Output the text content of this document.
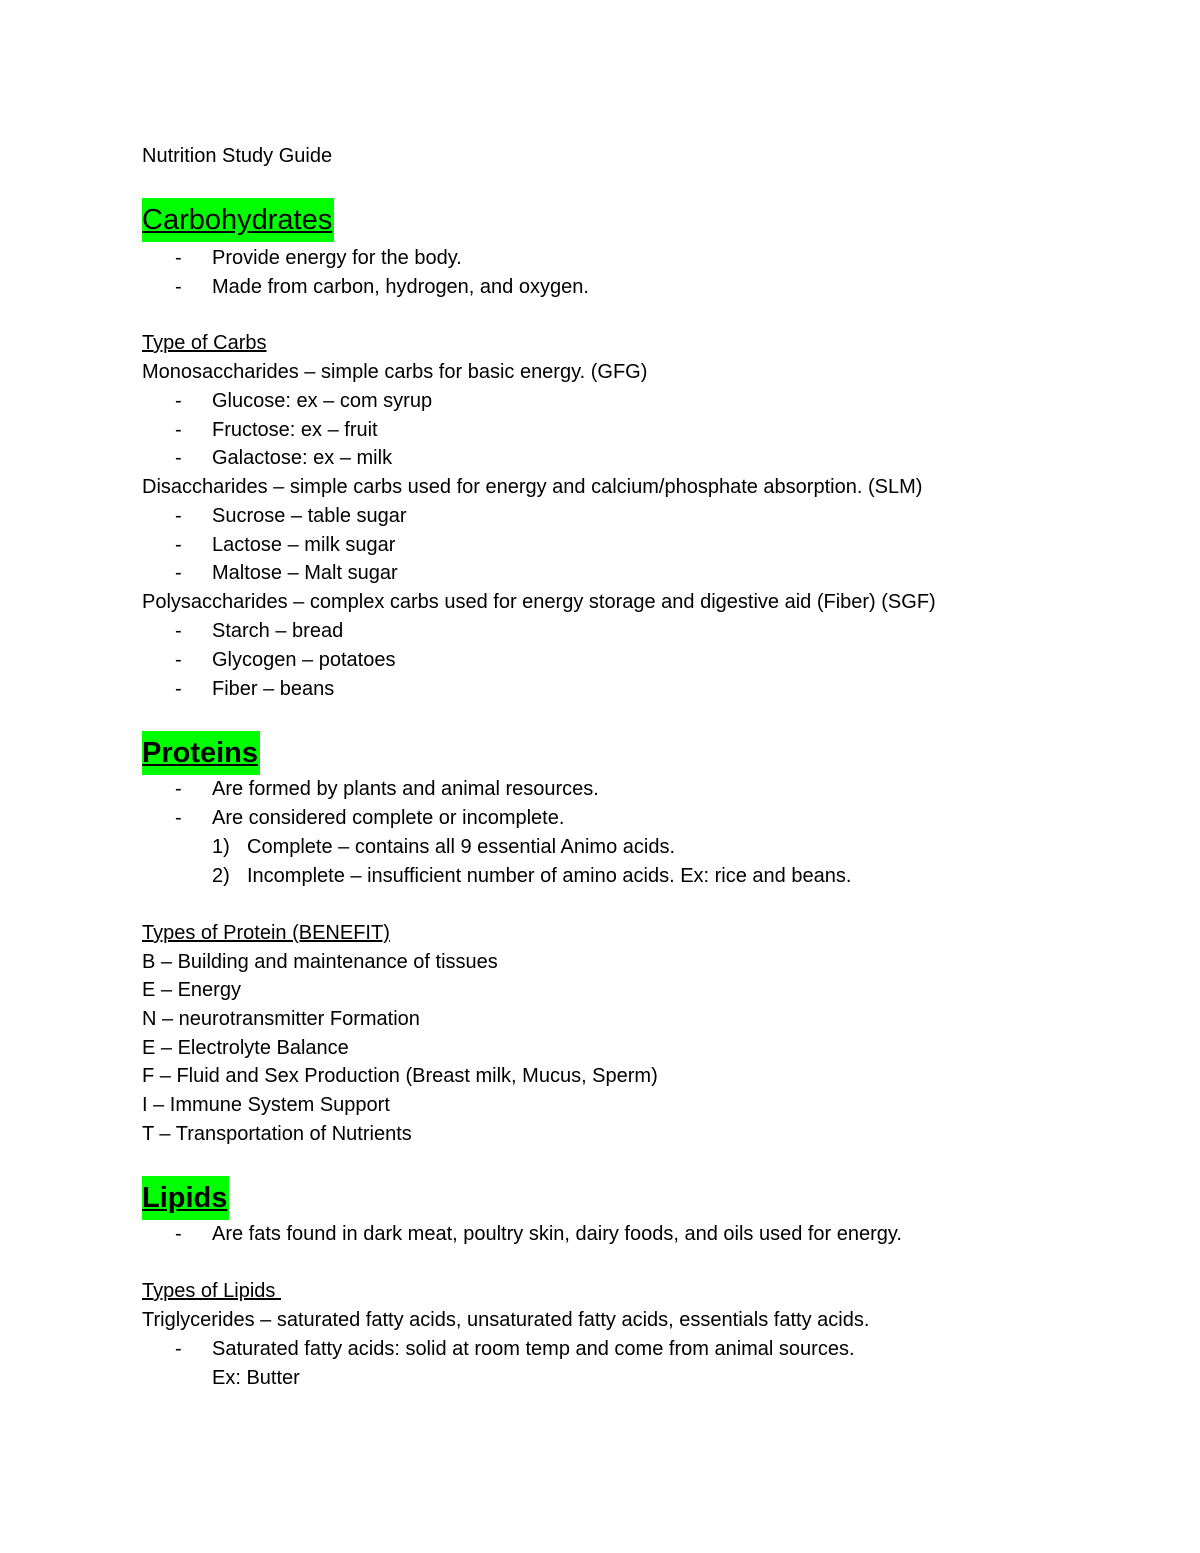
Nutrition Study Guide
Carbohydrates
- Provide energy for the body.
- Made from carbon, hydrogen, and oxygen.
Type of Carbs
Monosaccharides – simple carbs for basic energy. (GFG)
- Glucose: ex – com syrup
- Fructose: ex – fruit
- Galactose: ex – milk
Disaccharides – simple carbs used for energy and calcium/phosphate absorption. (SLM)
- Sucrose – table sugar
- Lactose – milk sugar
- Maltose – Malt sugar
Polysaccharides – complex carbs used for energy storage and digestive aid (Fiber) (SGF)
- Starch – bread
- Glycogen – potatoes
- Fiber – beans
Proteins
- Are formed by plants and animal resources.
- Are considered complete or incomplete.
1) Complete – contains all 9 essential Animo acids.
2) Incomplete – insufficient number of amino acids. Ex: rice and beans.
Types of Protein (BENEFIT)
B – Building and maintenance of tissues
E – Energy
N – neurotransmitter Formation
E – Electrolyte Balance
F – Fluid and Sex Production (Breast milk, Mucus, Sperm)
I – Immune System Support
T – Transportation of Nutrients
Lipids
- Are fats found in dark meat, poultry skin, dairy foods, and oils used for energy.
Types of Lipids
Triglycerides – saturated fatty acids, unsaturated fatty acids, essentials fatty acids.
- Saturated fatty acids: solid at room temp and come from animal sources.
Ex: Butter
